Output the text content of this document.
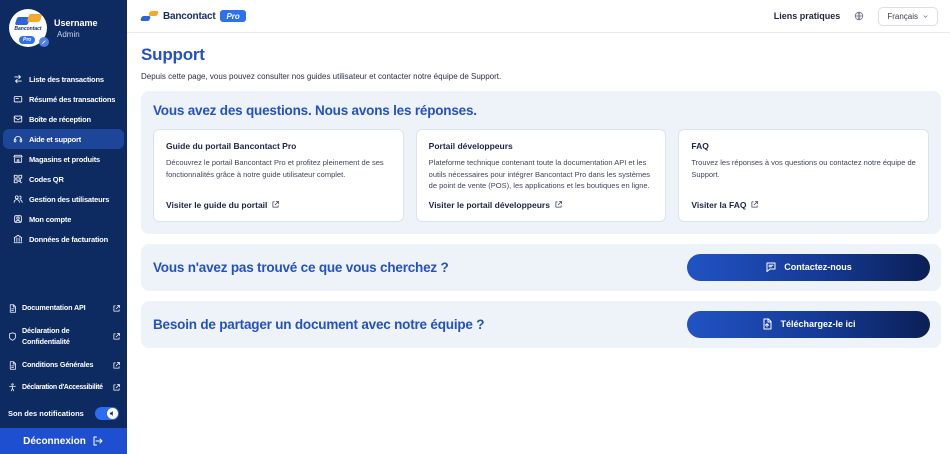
Bancontact
Pro
Username
Admin
Liste des transactions
Résumé des transactions
Boîte de réception
Aide et support
Magasins et produits
Codes QR
Gestion des utilisateurs
Mon compte
Données de facturation
Documentation API
Déclaration de Confidentialité
Conditions Générales
Déclaration d'Accessibilité
Son des notifications
Déconnexion
Bancontact	Pro	Liens pratiques	Français
Support

Depuis cette page, vous pouvez consulter nos guides utilisateur et contacter notre équipe de Support.

Vous avez des questions. Nous avons les réponses.
Guide du portail Bancontact Pro
Découvrez le portail Bancontact Pro et profitez pleinement de ses fonctionnalités grâce à notre guide utilisateur complet.
Visiter le guide du portail
Portail développeurs
Plateforme technique contenant toute la documentation API et les outils nécessaires pour intégrer Bancontact Pro dans les systèmes de point de vente (POS), les applications et les boutiques en ligne.
Visiter le portail développeurs
FAQ
Trouvez les réponses à vos questions ou contactez notre équipe de Support.
Visiter la FAQ
Vous n'avez pas trouvé ce que vous cherchez ?	Contactez-nous
Besoin de partager un document avec notre équipe ?	Téléchargez-le ici
